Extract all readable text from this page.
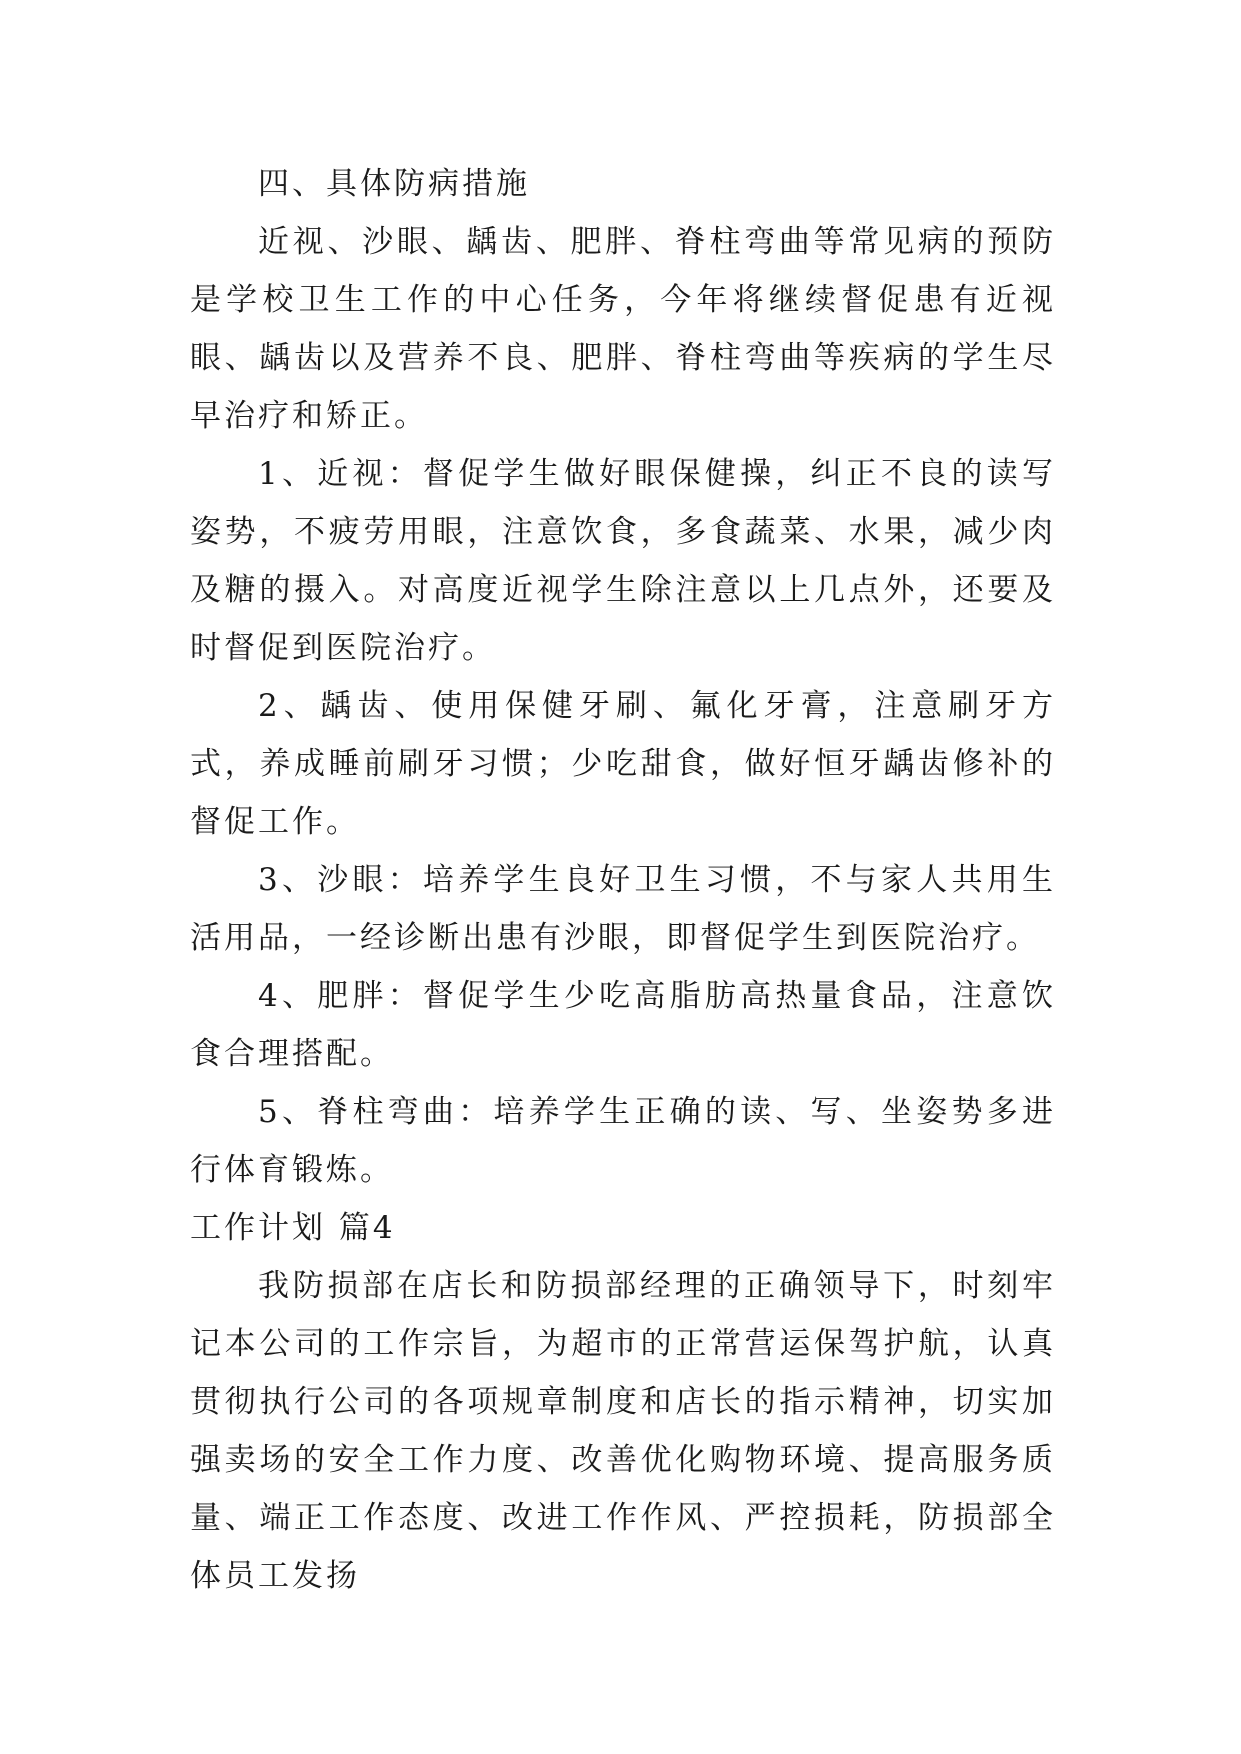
四、具体防病措施

近视、沙眼、龋齿、肥胖、脊柱弯曲等常见病的预防是学校卫生工作的中心任务，今年将继续督促患有近视眼、龋齿以及营养不良、肥胖、脊柱弯曲等疾病的学生尽早治疗和矫正。

1、近视：督促学生做好眼保健操，纠正不良的读写姿势，不疲劳用眼，注意饮食，多食蔬菜、水果，减少肉及糖的摄入。对高度近视学生除注意以上几点外，还要及时督促到医院治疗。

2、龋齿、使用保健牙刷、氟化牙膏，注意刷牙方式，养成睡前刷牙习惯；少吃甜食，做好恒牙龋齿修补的督促工作。

3、沙眼：培养学生良好卫生习惯，不与家人共用生活用品，一经诊断出患有沙眼，即督促学生到医院治疗。

4、肥胖：督促学生少吃高脂肪高热量食品，注意饮食合理搭配。

5、脊柱弯曲：培养学生正确的读、写、坐姿势多进行体育锻炼。

工作计划 篇4

我防损部在店长和防损部经理的正确领导下，时刻牢记本公司的工作宗旨，为超市的正常营运保驾护航，认真贯彻执行公司的各项规章制度和店长的指示精神，切实加强卖场的安全工作力度、改善优化购物环境、提高服务质量、端正工作态度、改进工作作风、严控损耗，防损部全体员工发扬
